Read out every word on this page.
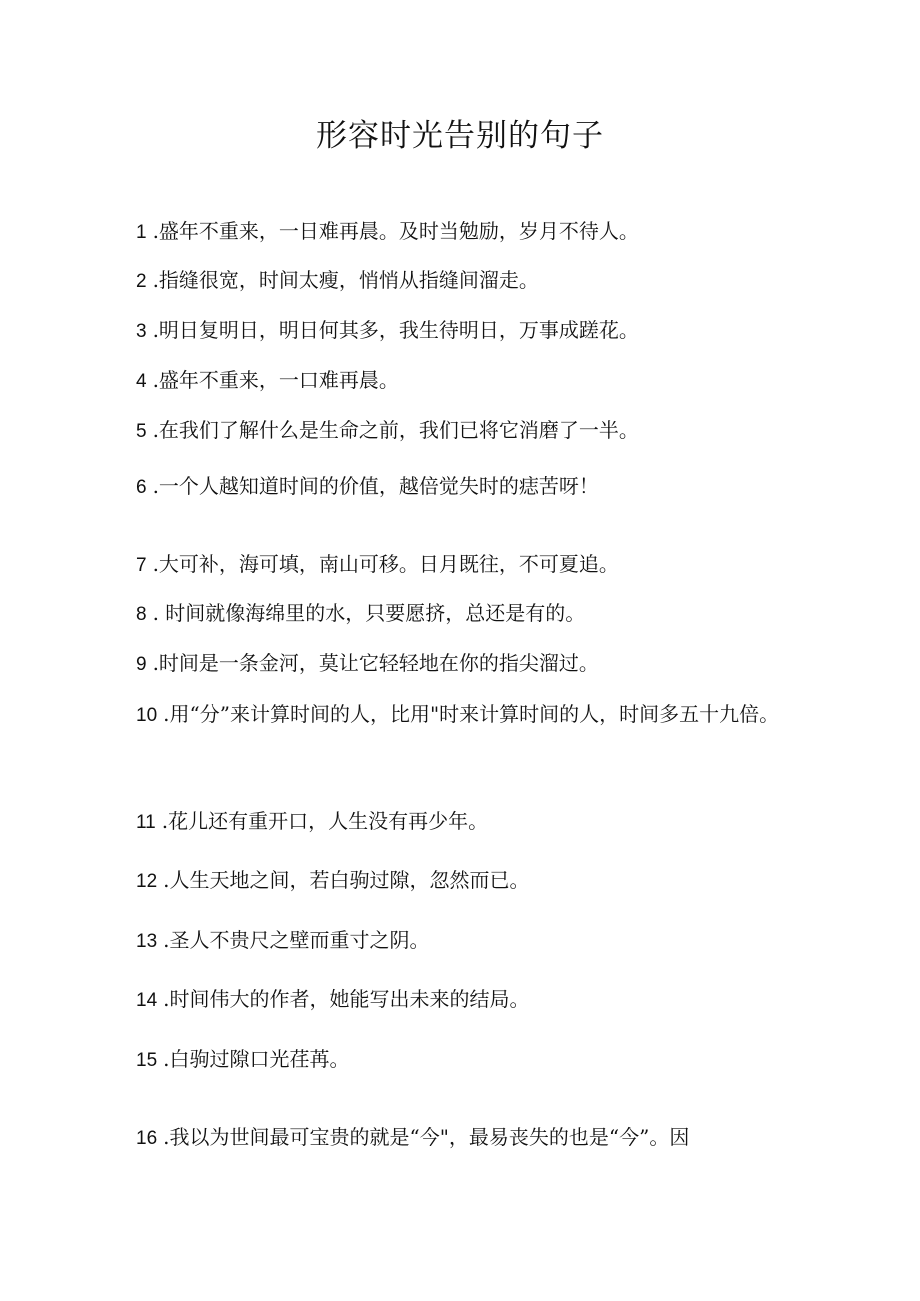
形容时光告别的句子
1 .盛年不重来，一日难再晨。及时当勉励，岁月不待人。
2 .指缝很宽，时间太瘦，悄悄从指缝间溜走。
3 .明日复明日，明日何其多，我生待明日，万事成蹉花。
4 .盛年不重来，一口难再晨。
5 .在我们了解什么是生命之前，我们已将它消磨了一半。
6 .一个人越知道时间的价值，越倍觉失时的痣苦呀！
7 .大可补，海可填，南山可移。日月既往，不可夏追。
8 . 时间就像海绵里的水，只要愿挤，总还是有的。
9 .时间是一条金河，莫让它轻轻地在你的指尖溜过。
10 .用“分”来计算时间的人，比用"时来计算时间的人，时间多五十九倍。
11 .花儿还有重开口，人生没有再少年。
12 .人生天地之间，若白驹过隙，忽然而已。
13 .圣人不贵尺之壁而重寸之阴。
14 .时间伟大的作者，她能写出未来的结局。
15 .白驹过隙口光荏苒。
16 .我以为世间最可宝贵的就是“今"，最易丧失的也是“今”。因
